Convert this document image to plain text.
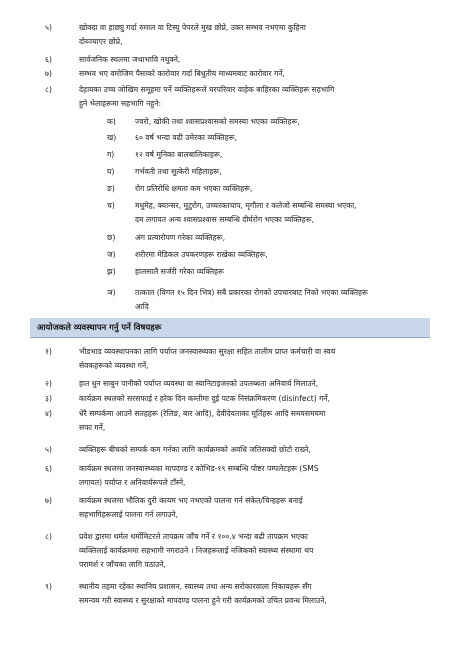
५)	खोक्दा वा हाछ्यु गर्दा रुमाल वा टिस्यु पेपरले मुख छोप्ने, उक्त सम्भव नभएमा कुहिना
दोब्ज्याएर छोप्ने,
६)	सार्वजनिक स्थलमा जथाभावि नथुक्ने,
७)	सम्भव भए वमोजिम पैसाको कारोवार गर्दा बिधुतीय माध्यमबाट कारोवार गर्ने,
८)	देहायका उच्च जोखिम समूहमा पर्ने व्यक्तिहरूले घरपरिवार वाहेक बाहिरका व्यक्तिहरू सहभागि
हुने भेलाहरूमा सहभागि नहुने:
क)	ज्वरो, खोकी तथा श्वासप्रश्वासको समस्या भएका व्यक्तिहरू,
ख)	६० वर्ष भन्दा वढी उमेरका व्यक्तिहरू,
ग)	१२ वर्ष मुनिका बालबालिकाहरू,
घ)	गर्भवती तथा सुत्केरी महिलाहरू,
ङ)	रोग प्रतिरोधि क्षमता कम भएका व्यक्तिहरू,
च)	मधुमेह, क्यान्सर, मुटुरोग, उच्चरक्तचाप, मृगौला र कलेजो सम्बन्धि समस्या भएका,
दम लगायत अन्य श्वासप्रश्वास सम्बन्धि दीर्घरोग भएका व्यक्तिहरू,
छ)	अंग प्रत्यारोपण गरेका व्यक्तिहरू,
ज)	शरीरमा मेडिकल उपकरणहरू राखेका व्यक्तिहरू,
झ)	हालसालै सर्जरी गरेका व्यक्तिहरू
ञ)	तत्काल (विगत १५ दिन भित्र) सबै प्रकारका रोगको उपचारबाट निको भएका व्यक्तिहरू
आदि
आयोजकले व्यवस्थापन गर्नु पर्ने विषयहरू
१)	भीडभाड व्यवस्थापनका लागि पर्याप्त जनस्वास्थ्यका सुरक्षा सहित तालीम प्राप्त कर्मचारी वा स्वयं
सेवकहरूको व्यवस्था गर्ने,
२)	हात धुन साबुन पानीको पर्याप्त व्यवस्था वा स्यानिटाइजरको उपलब्धता अनिवार्य मिलाउने,
३)	कार्यक्रम स्थलको सरसफाई र हरेक दिन कम्तीमा दुई पटक निसंक्रमिकरण (disinfect) गर्ने,
४)	धेरै सम्पर्कमा आउने सतहहरू (रेलिङ, बार आदि), देवीदेवताका मूर्तिहरू आदि समयसमयमा
सफा गर्ने,
५)	व्यक्तिहरू बीचको सम्पर्क कम गर्नका लागि कार्यक्रमको अवधि जतिसक्दो छोटो राख्ने,
६)	कार्यक्रम स्थलमा जनस्वास्थ्यका मापदण्ड र कोभिड-१९ सम्बन्धि पोष्टर पम्पलेटहरू (SMS
लगायत) पर्याप्त र अनिवार्यरूपले टाँस्ने,
७)	कार्यक्रम स्थलमा भौतिक दुरी कायम भए नभएको पालना गर्न संकेत/चिन्हहरू बनाई
सहभागिहरूलाई पालना गर्न लगाउने,
८)	प्रवेश द्वारमा थर्मल थर्मोमिटरले तापक्रम जाँच गर्ने र १००.४ भन्दा बढी तापक्रम भएका
व्यक्तिलाई कार्यक्रममा सहभागी नगराउने । निजहरूलाई नजिकको स्वास्थ्य संस्थामा थप
परामर्श र जाँचका लागि पठाउने,
९)	स्थानीय तहमा रहेका स्थानिय प्रशासन, स्वास्थ्य तथा अन्य सरोकारवाला निकायहरू सँग
समन्वय गरी स्वास्थ्य र सुरक्षाको मापदण्ड पालना हुने गरी कार्यक्रमको उचित प्रवन्ध मिलाउने,
